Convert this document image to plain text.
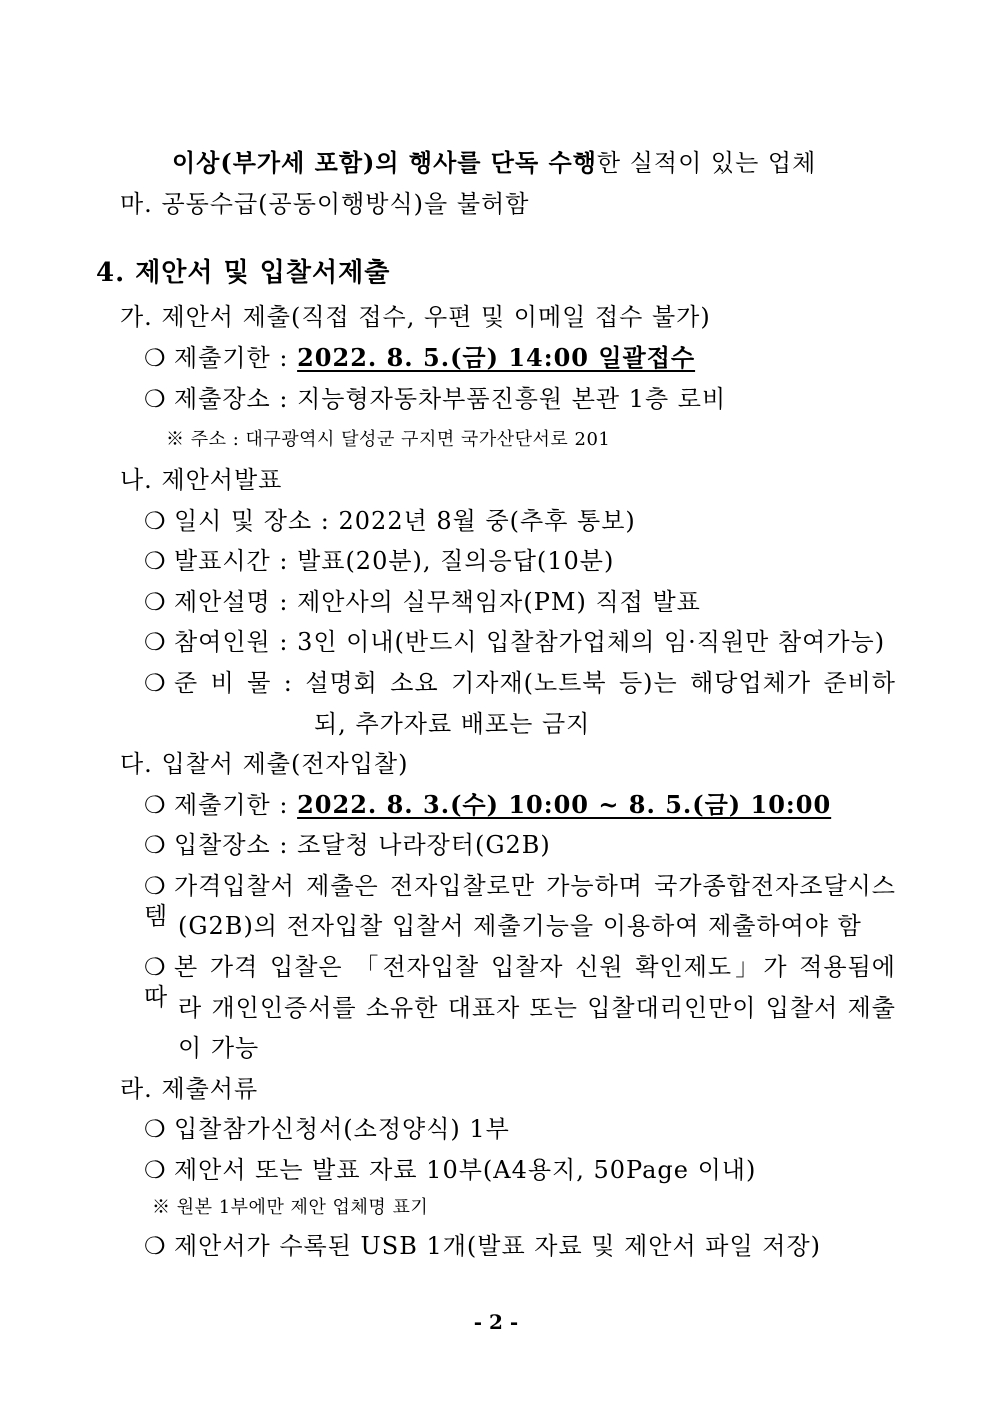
이상(부가세 포함)의 행사를 단독 수행한 실적이 있는 업체
마. 공동수급(공동이행방식)을 불허함
4. 제안서 및 입찰서제출
가. 제안서 제출(직접 접수, 우편 및 이메일 접수 불가)
❍ 제출기한 : 2022. 8. 5.(금) 14:00 일괄접수
❍ 제출장소 : 지능형자동차부품진흥원 본관 1층 로비
※ 주소 : 대구광역시 달성군 구지면 국가산단서로 201
나. 제안서발표
❍ 일시 및 장소 : 2022년 8월 중(추후 통보)
❍ 발표시간 : 발표(20분), 질의응답(10분)
❍ 제안설명 : 제안사의 실무책임자(PM) 직접 발표
❍ 참여인원 : 3인 이내(반드시 입찰참가업체의 임·직원만 참여가능)
❍ 준 비 물 : 설명회 소요 기자재(노트북 등)는 해당업체가 준비하
되, 추가자료 배포는 금지
다. 입찰서 제출(전자입찰)
❍ 제출기한 : 2022. 8. 3.(수) 10:00 ~ 8. 5.(금) 10:00
❍ 입찰장소 : 조달청 나라장터(G2B)
❍ 가격입찰서 제출은 전자입찰로만 가능하며 국가종합전자조달시스템 (G2B)의 전자입찰 입찰서 제출기능을 이용하여 제출하여야 함
❍ 본 가격 입찰은 「전자입찰 입찰자 신원 확인제도」가 적용됨에 따 라 개인인증서를 소유한 대표자 또는 입찰대리인만이 입찰서 제출
이 가능
라. 제출서류
❍ 입찰참가신청서(소정양식) 1부
❍ 제안서 또는 발표 자료 10부(A4용지, 50Page 이내)
※ 원본 1부에만 제안 업체명 표기
❍ 제안서가 수록된 USB 1개(발표 자료 및 제안서 파일 저장)
- 2 -
